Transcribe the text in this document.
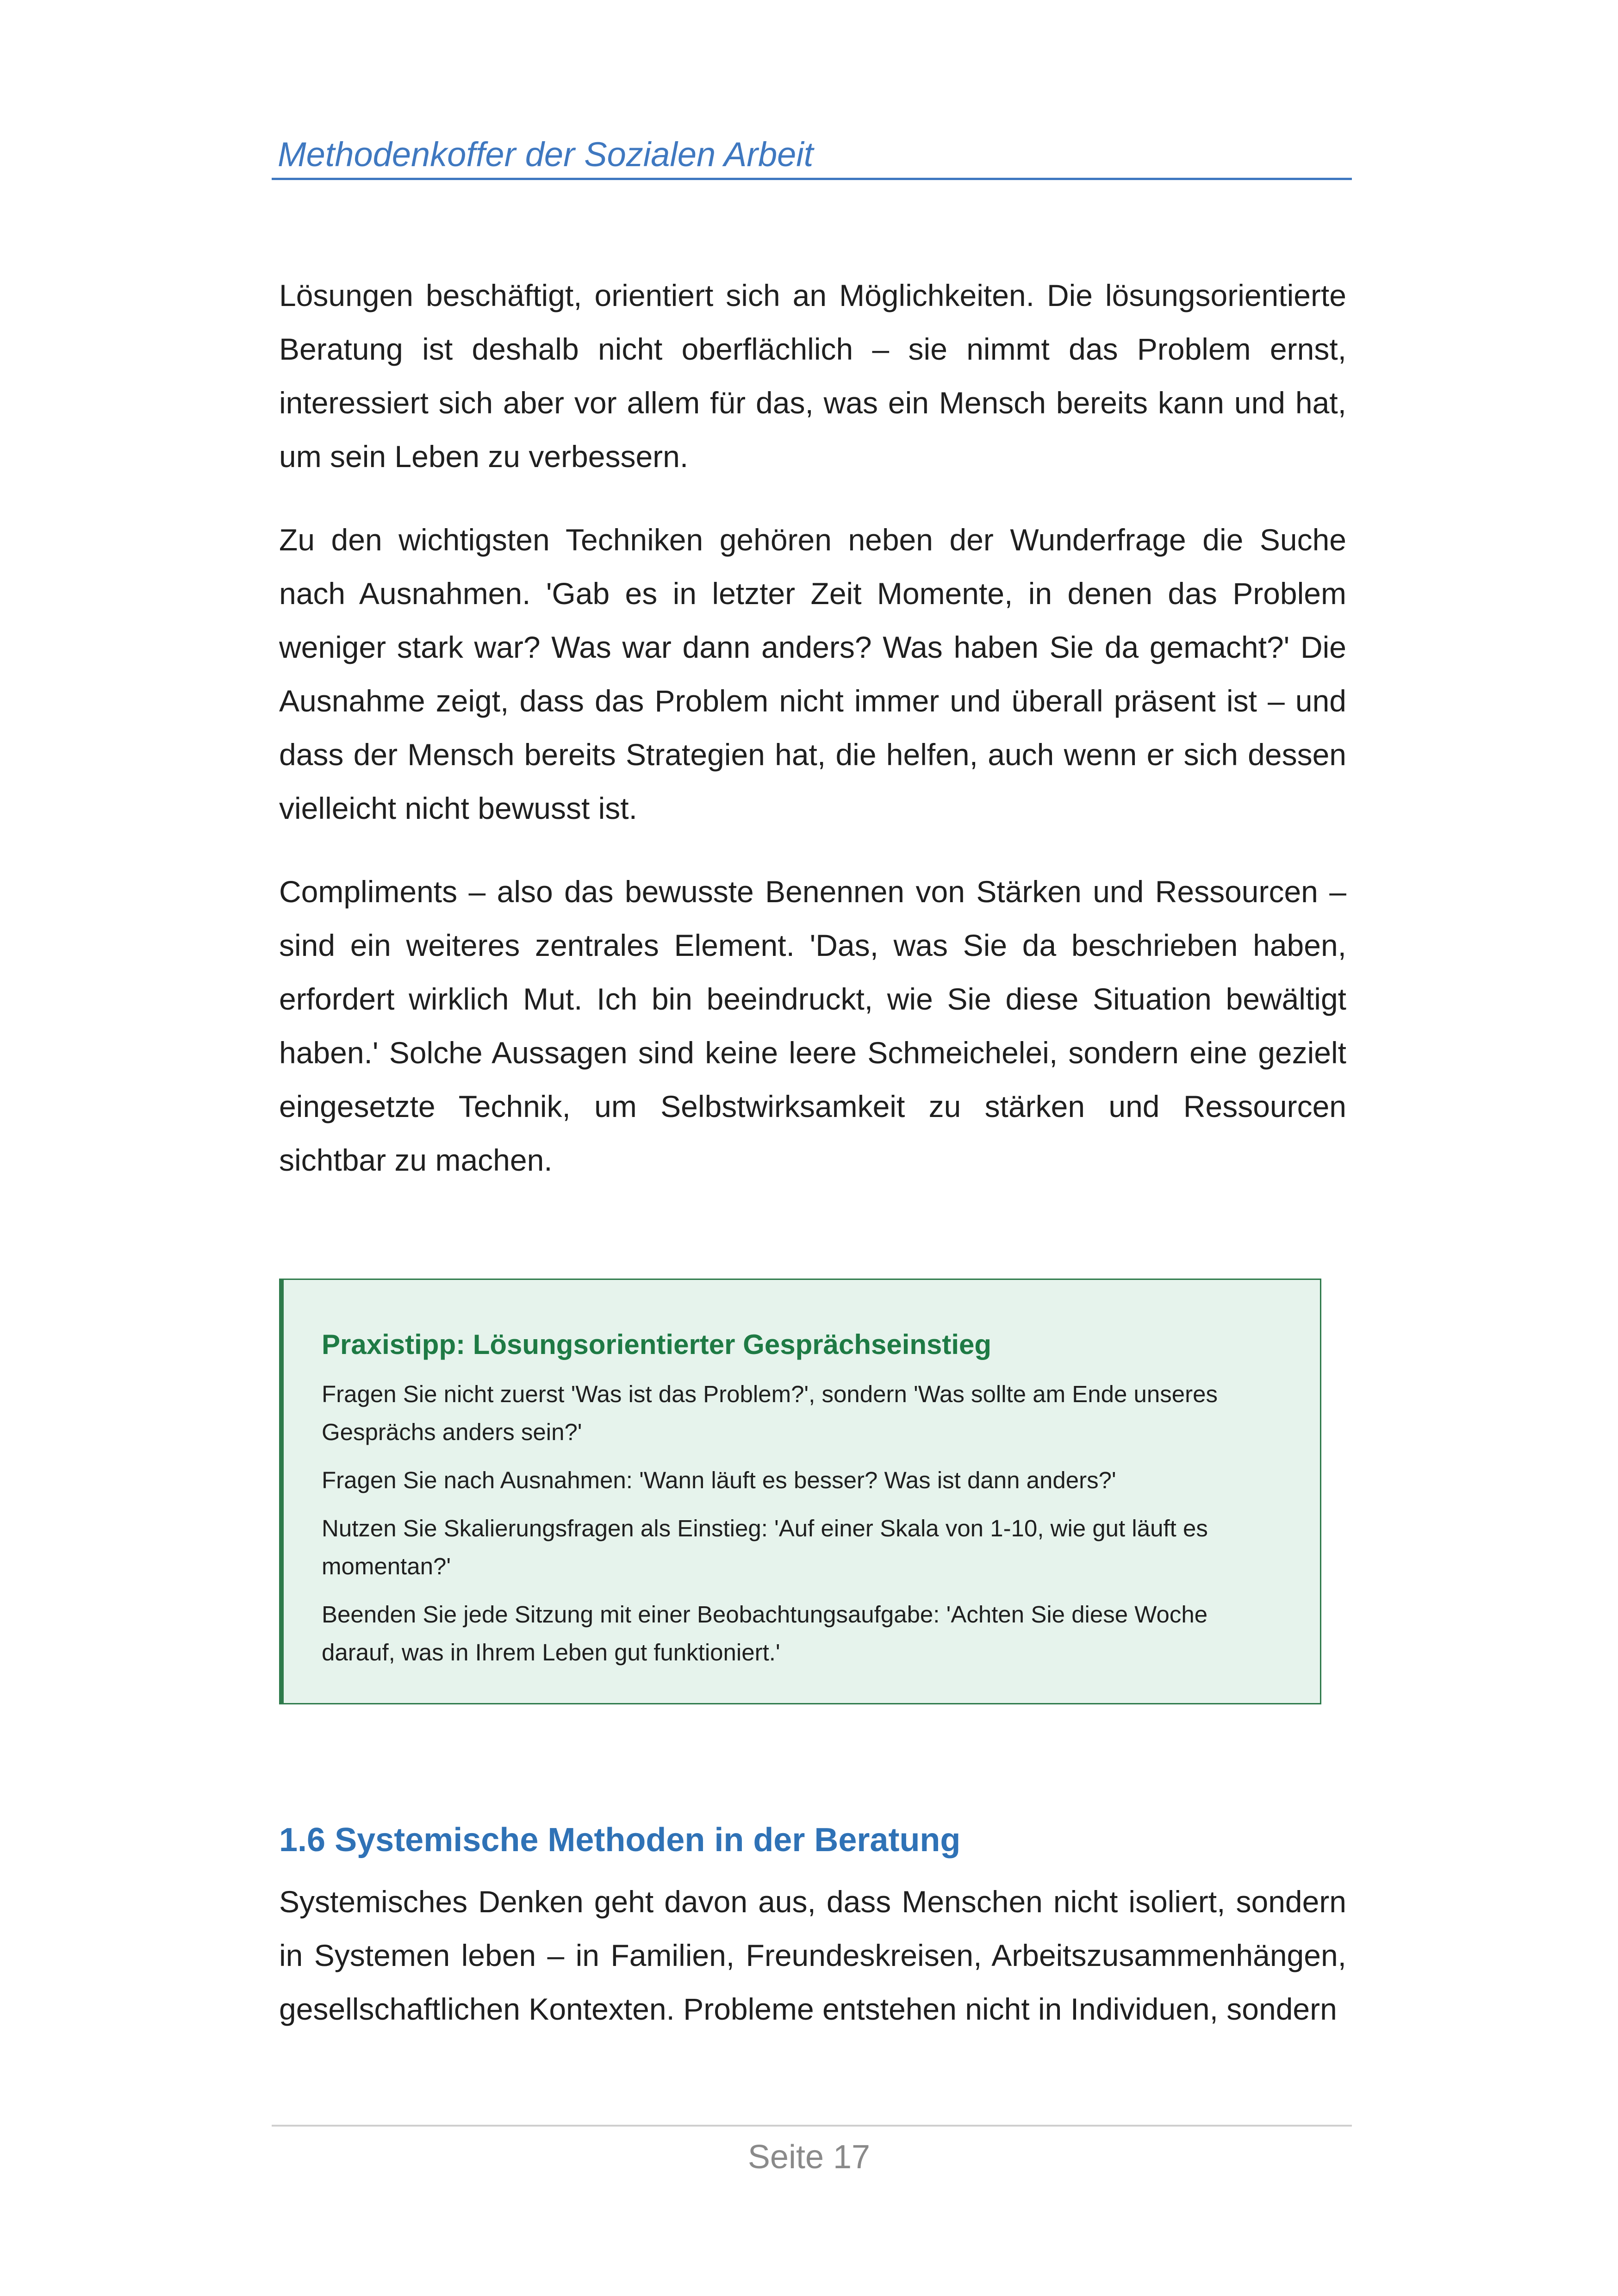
Methodenkoffer der Sozialen Arbeit

Lösungen beschäftigt, orientiert sich an Möglichkeiten. Die lösungsorientierte Beratung ist deshalb nicht oberflächlich – sie nimmt das Problem ernst, interessiert sich aber vor allem für das, was ein Mensch bereits kann und hat, um sein Leben zu verbessern.

Zu den wichtigsten Techniken gehören neben der Wunderfrage die Suche nach Ausnahmen. 'Gab es in letzter Zeit Momente, in denen das Problem weniger stark war? Was war dann anders? Was haben Sie da gemacht?' Die Ausnahme zeigt, dass das Problem nicht immer und überall präsent ist – und dass der Mensch bereits Strategien hat, die helfen, auch wenn er sich dessen vielleicht nicht bewusst ist.

Compliments – also das bewusste Benennen von Stärken und Ressourcen – sind ein weiteres zentrales Element. 'Das, was Sie da beschrieben haben, erfordert wirklich Mut. Ich bin beeindruckt, wie Sie diese Situation bewältigt haben.' Solche Aussagen sind keine leere Schmeichelei, sondern eine gezielt eingesetzte Technik, um Selbstwirksamkeit zu stärken und Ressourcen sichtbar zu machen.

Praxistipp: Lösungsorientierter Gesprächseinstieg
Fragen Sie nicht zuerst 'Was ist das Problem?', sondern 'Was sollte am Ende unseres Gesprächs anders sein?'
Fragen Sie nach Ausnahmen: 'Wann läuft es besser? Was ist dann anders?'
Nutzen Sie Skalierungsfragen als Einstieg: 'Auf einer Skala von 1-10, wie gut läuft es momentan?'
Beenden Sie jede Sitzung mit einer Beobachtungsaufgabe: 'Achten Sie diese Woche darauf, was in Ihrem Leben gut funktioniert.'
1.6 Systemische Methoden in der Beratung

Systemisches Denken geht davon aus, dass Menschen nicht isoliert, sondern in Systemen leben – in Familien, Freundeskreisen, Arbeitszusammenhängen, gesellschaftlichen Kontexten. Probleme entstehen nicht in Individuen, sondern

Seite 17
